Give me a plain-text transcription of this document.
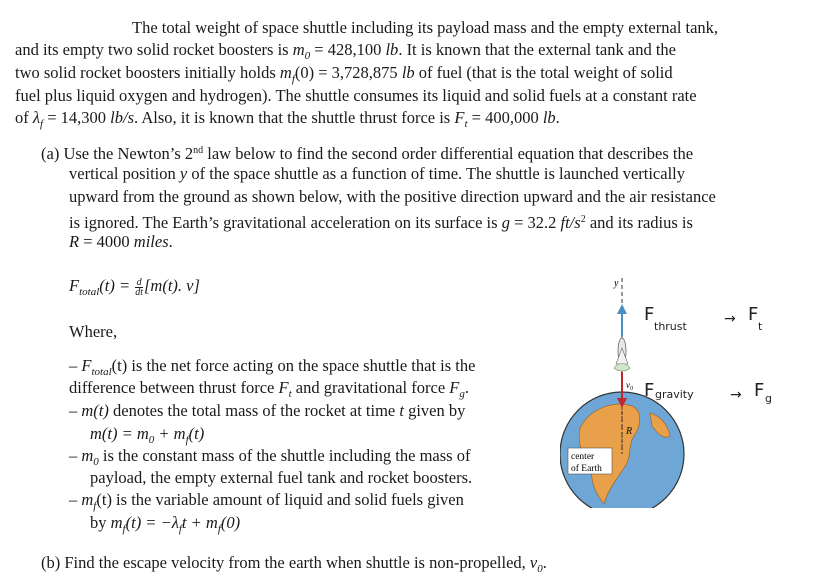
The total weight of space shuttle including its payload mass and the empty external tank,
and its empty two solid rocket boosters is $m_0 = 428,100$ lb. It is known that the external tank and the
two solid rocket boosters initially holds $m_f(0) = 3,728,875$ lb of fuel (that is the total weight of solid
fuel plus liquid oxygen and hydrogen). The shuttle consumes its liquid and solid fuels at a constant rate
of $\lambda_f = 14,300$ lb/s. Also, it is known that the shuttle thrust force is $F_t = 400,000$ lb.
(a) Use the Newton’s 2nd law below to find the second order differential equation that describes the
vertical position y of the space shuttle as a function of time. The shuttle is launched vertically
upward from the ground as shown below, with the positive direction upward and the air resistance
is ignored. The Earth’s gravitational acceleration on its surface is g = 32.2 $ft/s^2$ and its radius is
R = 4000 miles.
$F_{total}(t) = \frac{d}{dt} [m(t)$. v]
Where,
– $F_{total}(t)$ is the net force acting on the space shuttle that is the
difference between thrust force $F_t$ and gravitational force $F_g$.
– m(t) denotes the total mass of the rocket at time t given by
$m(t) = m_0 + m_f(t)$
– $m_0$ is the constant mass of the shuttle including the mass of
payload, the empty external fuel tank and rocket boosters.
– $m_f(t)$ is the variable amount of liquid and solid fuels given
by $m_f(t) = -\lambda_ft + m_f(0)$
(b) Find the escape velocity from the earth when shuttle is non-propelled, $v_0$.
y
R
center
of Earth
$v_0$
F
thrust	→ F
t
F gravity	→ F g
